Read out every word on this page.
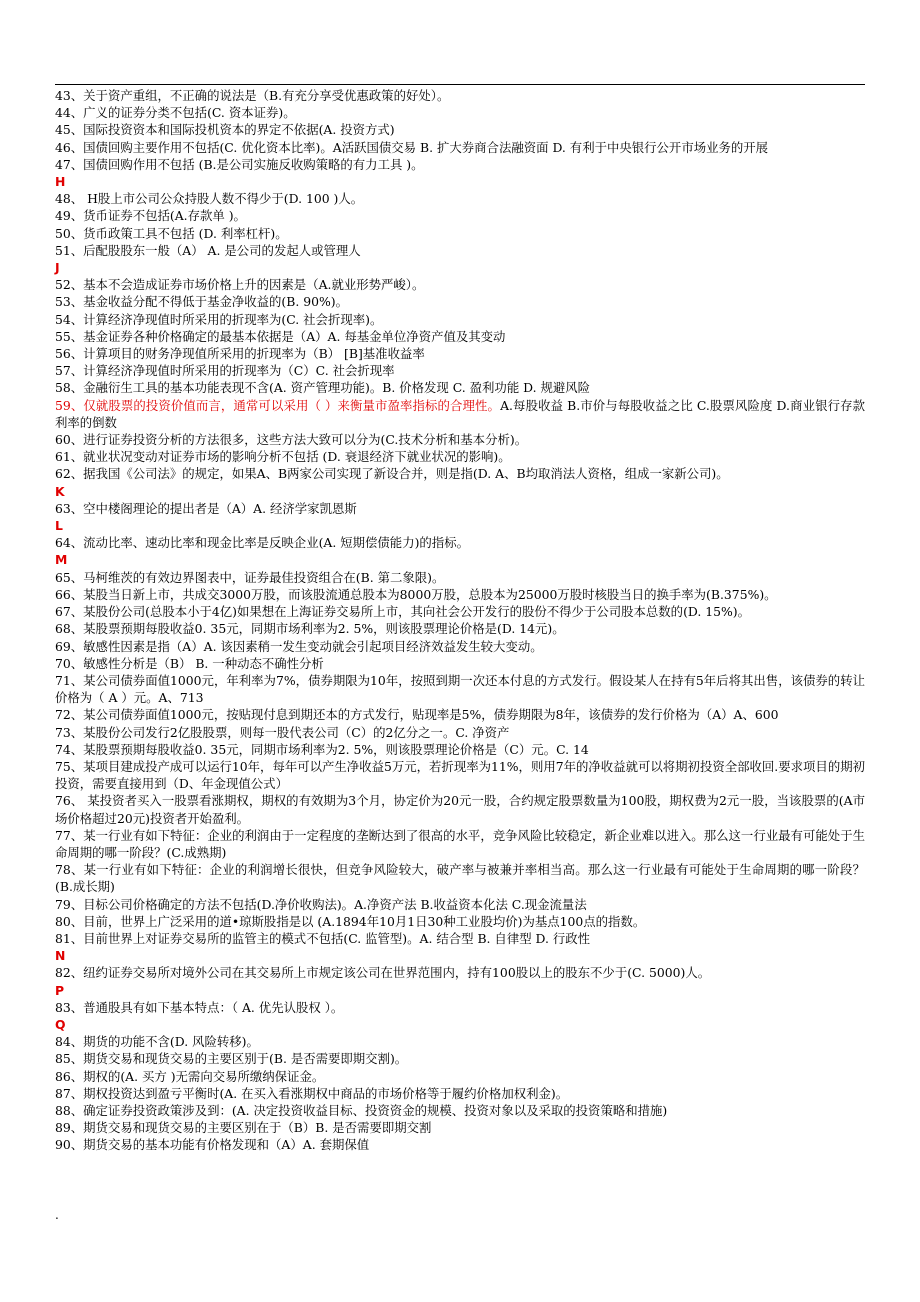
43、关于资产重组，不正确的说法是（B.有充分享受优惠政策的好处）。
44、广义的证券分类不包括(C. 资本证券)。
45、国际投资资本和国际投机资本的界定不依据(A. 投资方式)
46、国债回购主要作用不包括(C. 优化资本比率)。A活跃国债交易 B. 扩大券商合法融资面 D. 有利于中央银行公开市场业务的开展
47、国债回购作用不包括 (B.是公司实施反收购策略的有力工具 )。
H
48、 H股上市公司公众持股人数不得少于(D. 100 )人。
49、货币证券不包括(A.存款单 )。
50、货币政策工具不包括 (D. 利率杠杆)。
51、后配股股东一般（A） A. 是公司的发起人或管理人
J
52、基本不会造成证券市场价格上升的因素是（A.就业形势严峻）。
53、基金收益分配不得低于基金净收益的(B. 90%)。
54、计算经济净现值时所采用的折现率为(C. 社会折现率)。
55、基金证券各种价格确定的最基本依据是（A）A. 每基金单位净资产值及其变动
56、计算项目的财务净现值所采用的折现率为（B） [B]基准收益率
57、计算经济净现值时所采用的折现率为（C）C. 社会折现率
58、金融衍生工具的基本功能表现不含(A. 资产管理功能)。B. 价格发现 C. 盈利功能 D. 规避风险
59、仅就股票的投资价值而言，通常可以采用（ ）来衡量市盈率指标的合理性。A.每股收益 B.市价与每股收益之比 C.股票风险度 D.商业银行存款利率的倒数
60、进行证券投资分析的方法很多，这些方法大致可以分为(C.技术分析和基本分析)。
61、就业状况变动对证券市场的影响分析不包括 (D. 衰退经济下就业状况的影响)。
62、据我国《公司法》的规定，如果A、B两家公司实现了新设合并，则是指(D. A、B均取消法人资格，组成一家新公司)。
K
63、空中楼阁理论的提出者是（A）A. 经济学家凯恩斯
L
64、流动比率、速动比率和现金比率是反映企业(A. 短期偿债能力)的指标。
M
65、马柯维茨的有效边界图表中，证券最佳投资组合在(B. 第二象限)。
66、某股当日新上市，共成交3000万股，而该股流通总股本为8000万股，总股本为25000万股时核股当日的换手率为(B.375%)。
67、某股份公司(总股本小于4亿)如果想在上海证券交易所上市，其向社会公开发行的股份不得少于公司股本总数的(D. 15%)。
68、某股票预期每股收益0. 35元，同期市场利率为2. 5%，则该股票理论价格是(D. 14元)。
69、敏感性因素是指（A）A. 该因素稍一发生变动就会引起项目经济效益发生较大变动。
70、敏感性分析是（B） B. 一种动态不确性分析
71、某公司债券面值1000元，年利率为7%，债券期限为10年，按照到期一次还本付息的方式发行。假设某人在持有5年后将其出售，该债券的转让价格为（ A ）元。A、713
72、某公司债券面值1000元，按贴现付息到期还本的方式发行，贴现率是5%，债券期限为8年，该债券的发行价格为（A）A、600
73、某股份公司发行2亿股股票，则每一股代表公司（C）的2亿分之一。C. 净资产
74、某股票预期每股收益0. 35元，同期市场利率为2. 5%，则该股票理论价格是（C）元。C. 14
75、某项目建成投产成可以运行10年，每年可以产生净收益5万元，若折现率为11%，则用7年的净收益就可以将期初投资全部收回.要求项目的期初投资，需要直接用到（D、年金现值公式）
76、 某投资者买入一股票看涨期权，期权的有效期为3个月，协定价为20元一股，合约规定股票数量为100股，期权费为2元一股，当该股票的(A市场价格超过20元)投资者开始盈利。
77、某一行业有如下特征：企业的利润由于一定程度的垄断达到了很高的水平，竞争风险比较稳定，新企业难以进入。那么这一行业最有可能处于生命周期的哪一阶段？(C.成熟期)
78、某一行业有如下特征：企业的利润增长很快，但竞争风险较大，破产率与被兼并率相当高。那么这一行业最有可能处于生命周期的哪一阶段？(B.成长期)
79、目标公司价格确定的方法不包括(D.净价收购法)。A.净资产法 B.收益资本化法 C.现金流量法
80、目前，世界上广泛采用的道•琼斯股指是以 (A.1894年10月1日30种工业股均价)为基点100点的指数。
81、目前世界上对证券交易所的监管主的模式不包括(C. 监管型)。A. 结合型 B. 自律型 D. 行政性
N
82、纽约证券交易所对境外公司在其交易所上市规定该公司在世界范围内，持有100股以上的股东不少于(C. 5000)人。
P
83、普通股具有如下基本特点：（ A. 优先认股权 ）。
Q
84、期货的功能不含(D. 风险转移)。
85、期货交易和现货交易的主要区别于(B. 是否需要即期交割)。
86、期权的(A. 买方 )无需向交易所缴纳保证金。
87、期权投资达到盈亏平衡时(A. 在买入看涨期权中商品的市场价格等于履约价格加权利金)。
88、确定证券投资政策涉及到：(A. 决定投资收益目标、投资资金的规模、投资对象以及采取的投资策略和措施)
89、期货交易和现货交易的主要区别在于（B）B. 是否需要即期交割
90、期货交易的基本功能有价格发现和（A）A. 套期保值
.
